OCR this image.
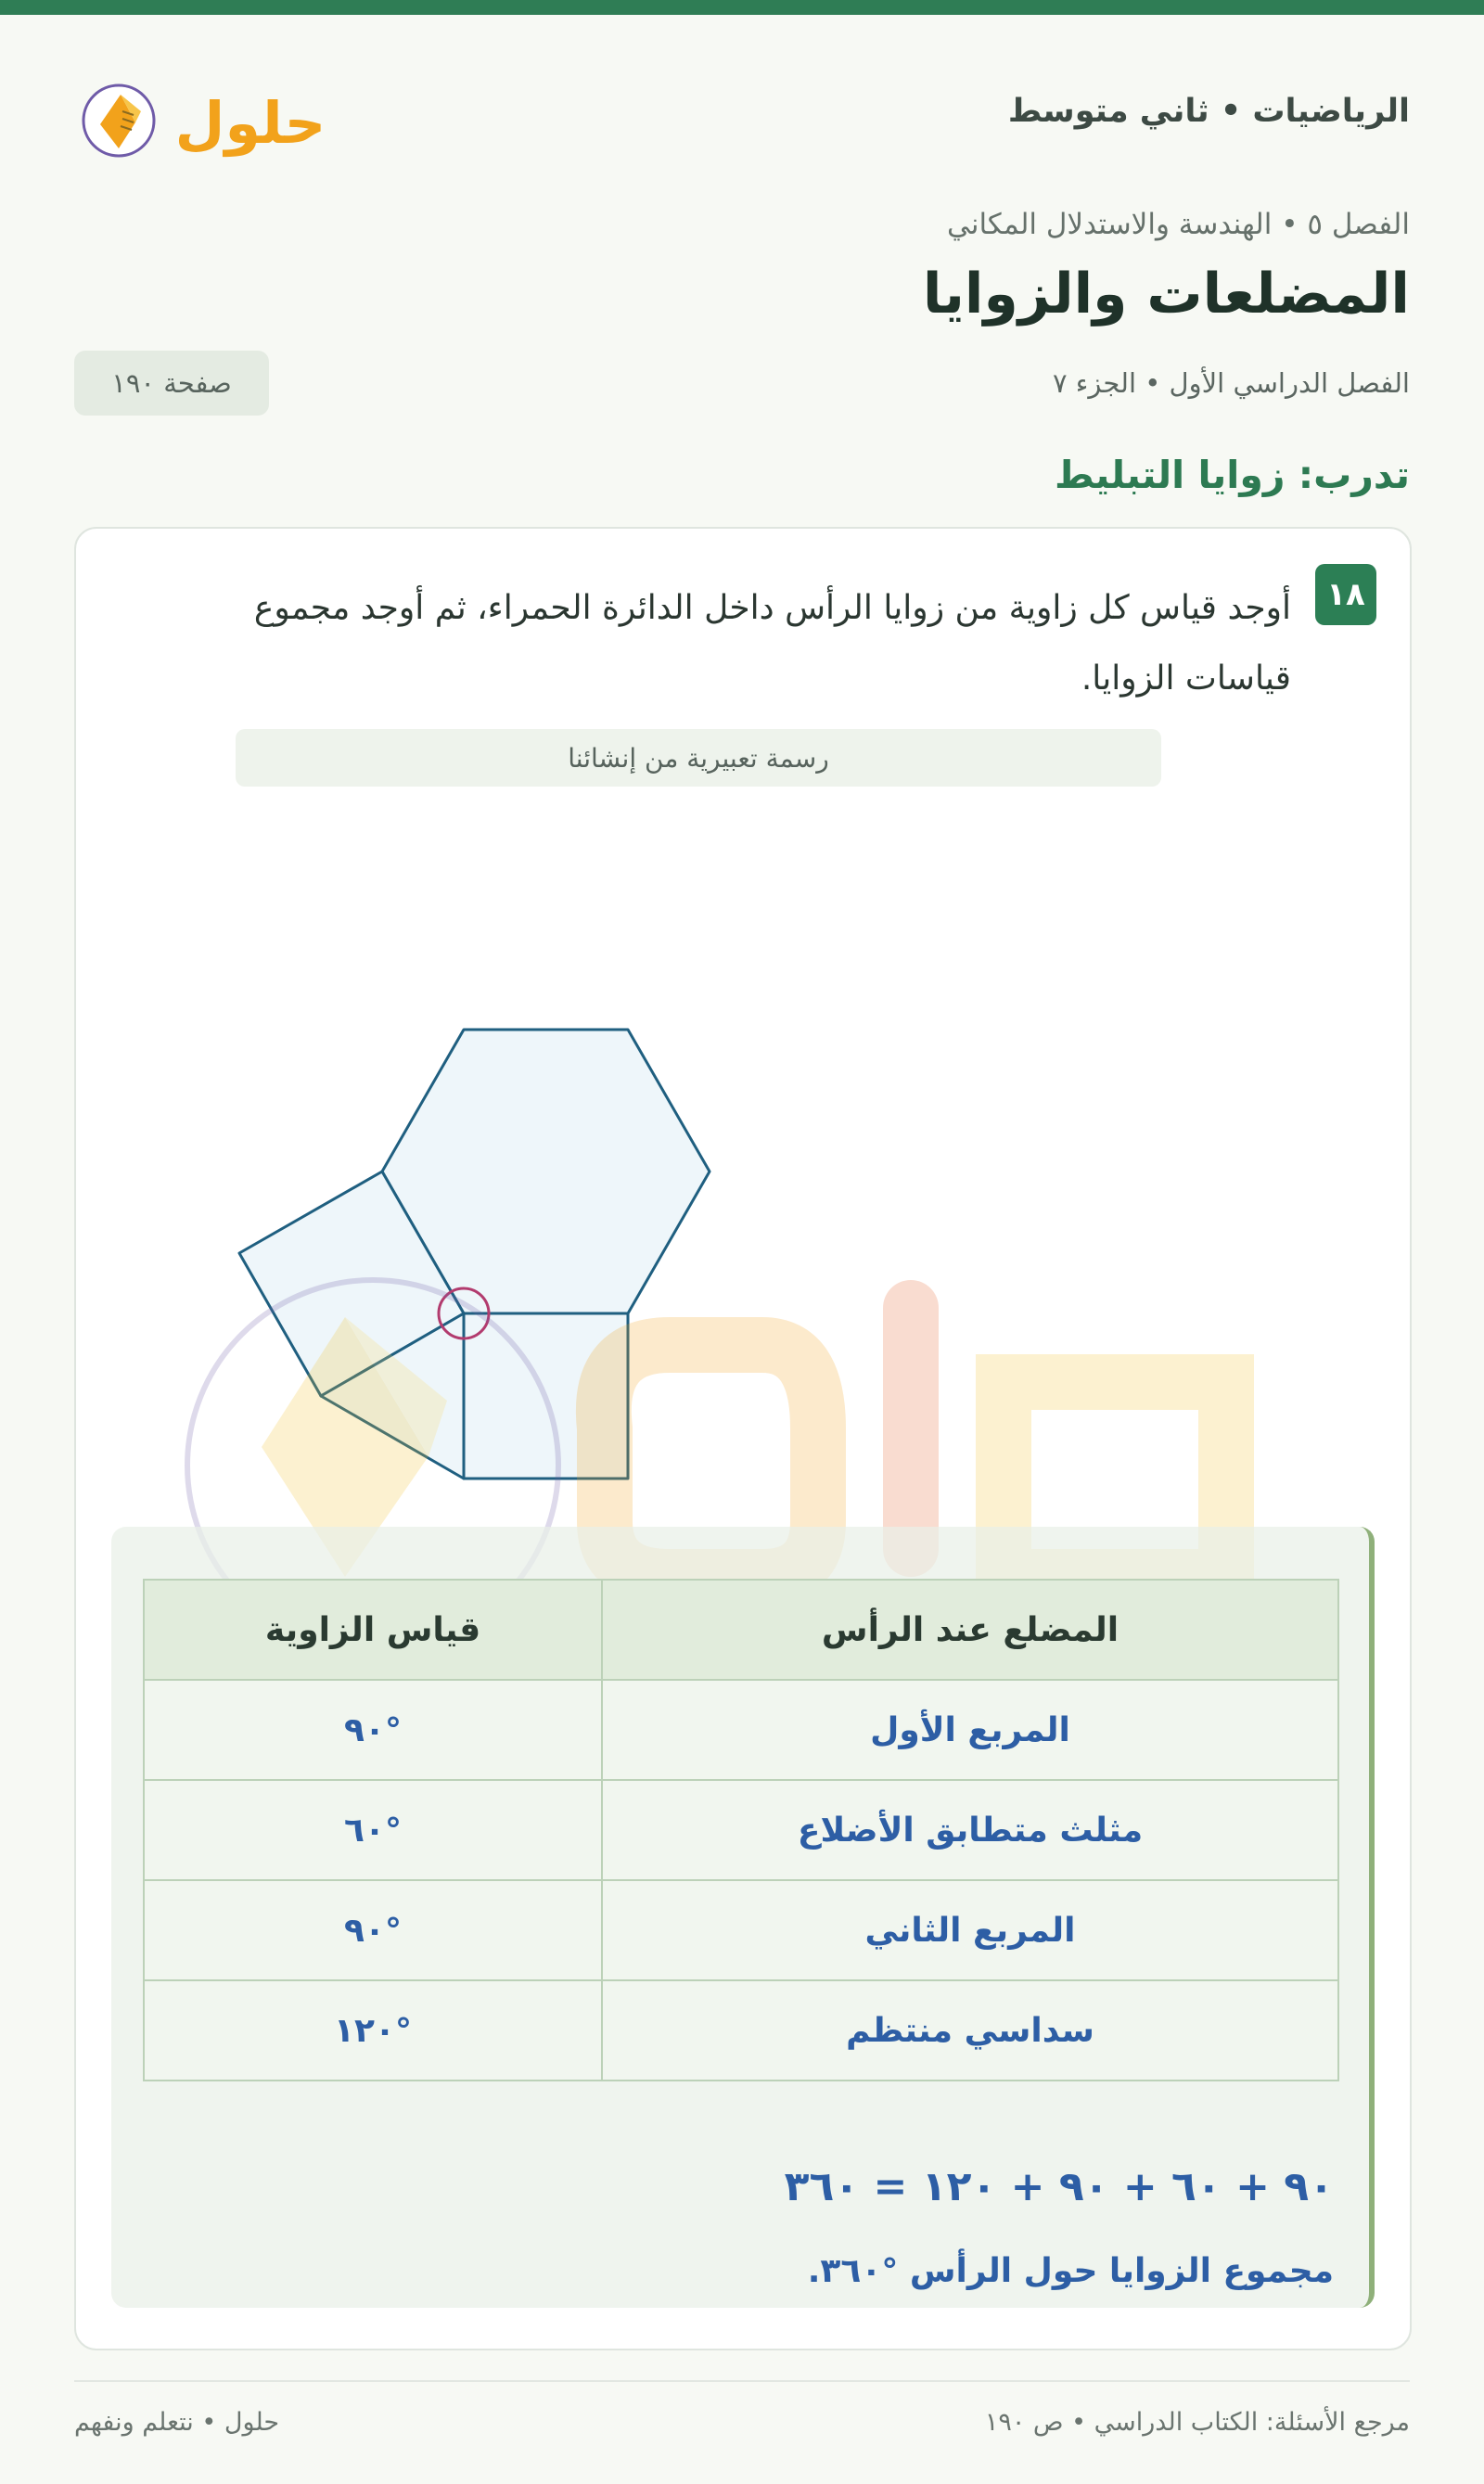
الرياضيات • ثاني متوسط
حلول
الفصل ٥ • الهندسة والاستدلال المكاني
المضلعات والزوايا
الفصل الدراسي الأول • الجزء ٧
صفحة ١٩٠
تدرب: زوايا التبليط
١٨
أوجد قياس كل زاوية من زوايا الرأس داخل الدائرة الحمراء، ثم أوجد مجموع قياسات الزوايا.
رسمة تعبيرية من إنشائنا
المضلع عند الرأس	قياس الزاوية
المربع الأول	°٩٠
مثلث متطابق الأضلاع	°٦٠
المربع الثاني	°٩٠
سداسي منتظم	°١٢٠
٩٠ + ٦٠ + ٩٠ + ١٢٠ = ٣٦٠
مجموع الزوايا حول الرأس °٣٦٠.
مرجع الأسئلة: الكتاب الدراسي • ص ١٩٠
حلول • نتعلم ونفهم
